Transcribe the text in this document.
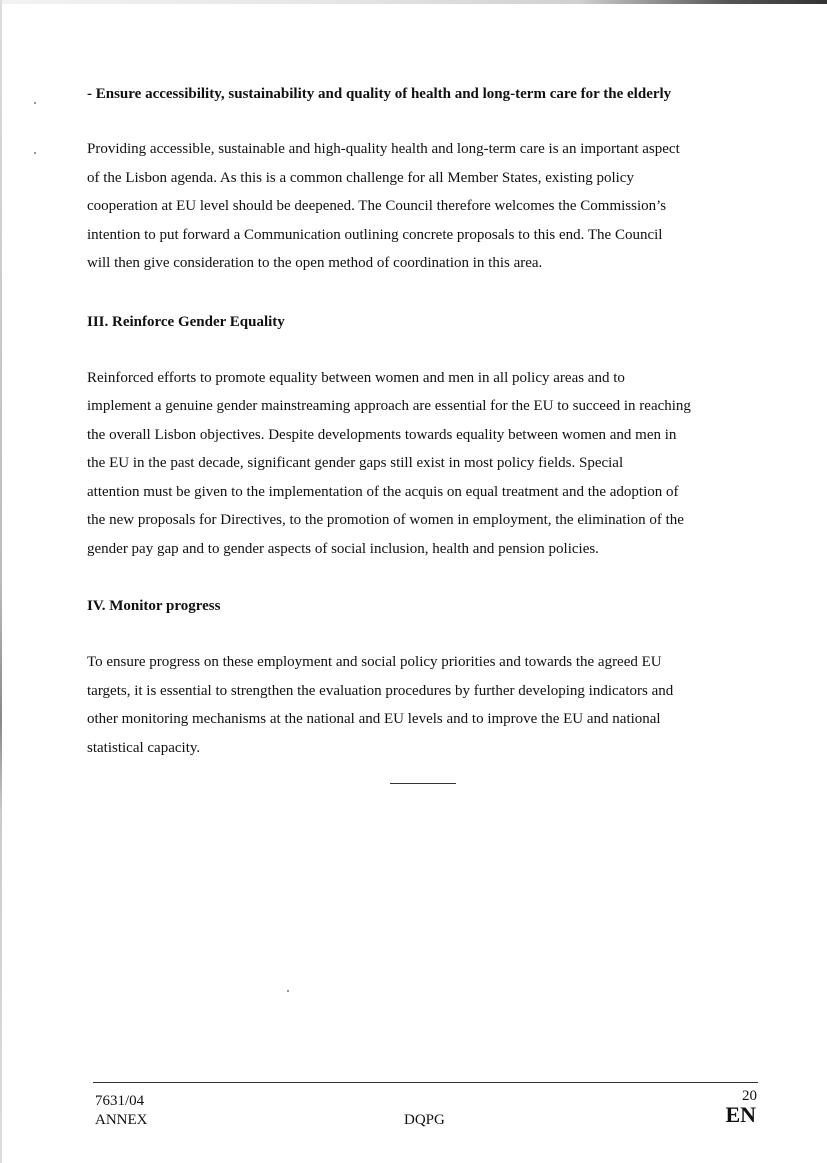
- Ensure accessibility, sustainability and quality of health and long-term care for the elderly

Providing accessible, sustainable and high-quality health and long-term care is an important aspect
of the Lisbon agenda. As this is a common challenge for all Member States, existing policy
cooperation at EU level should be deepened. The Council therefore welcomes the Commission’s
intention to put forward a Communication outlining concrete proposals to this end. The Council
will then give consideration to the open method of coordination in this area.

III. Reinforce Gender Equality

Reinforced efforts to promote equality between women and men in all policy areas and to
implement a genuine gender mainstreaming approach are essential for the EU to succeed in reaching
the overall Lisbon objectives. Despite developments towards equality between women and men in
the EU in the past decade, significant gender gaps still exist in most policy fields. Special
attention must be given to the implementation of the acquis on equal treatment and the adoption of
the new proposals for Directives, to the promotion of women in employment, the elimination of the
gender pay gap and to gender aspects of social inclusion, health and pension policies.

IV. Monitor progress

To ensure progress on these employment and social policy priorities and towards the agreed EU
targets, it is essential to strengthen the evaluation procedures by further developing indicators and
other monitoring mechanisms at the national and EU levels and to improve the EU and national
statistical capacity.
7631/04
ANNEX	DQPG
20
EN
